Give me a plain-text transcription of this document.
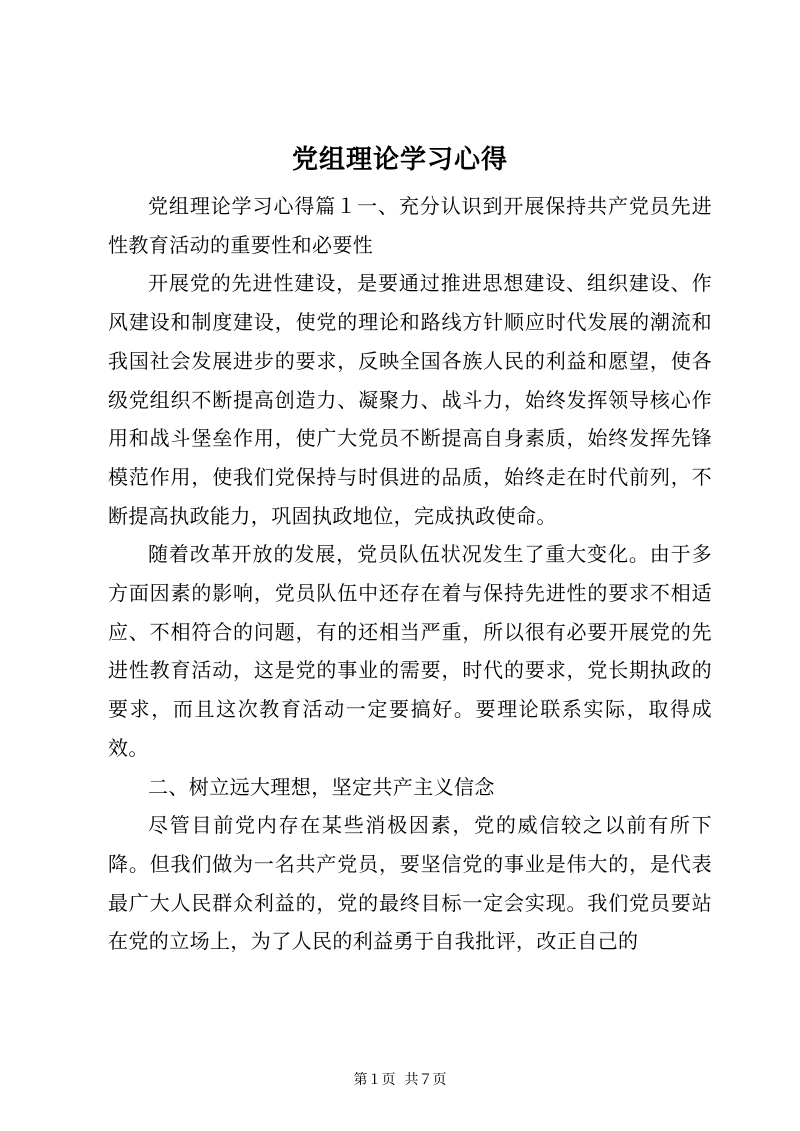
党组理论学习心得

党组理论学习心得篇１一、充分认识到开展保持共产党员先进性教育活动的重要性和必要性

开展党的先进性建设，是要通过推进思想建设、组织建设、作风建设和制度建设，使党的理论和路线方针顺应时代发展的潮流和我国社会发展进步的要求，反映全国各族人民的利益和愿望，使各级党组织不断提高创造力、凝聚力、战斗力，始终发挥领导核心作用和战斗堡垒作用，使广大党员不断提高自身素质，始终发挥先锋模范作用，使我们党保持与时俱进的品质，始终走在时代前列，不断提高执政能力，巩固执政地位，完成执政使命。

随着改革开放的发展，党员队伍状况发生了重大变化。由于多方面因素的影响，党员队伍中还存在着与保持先进性的要求不相适应、不相符合的问题，有的还相当严重，所以很有必要开展党的先进性教育活动，这是党的事业的需要，时代的要求，党长期执政的要求，而且这次教育活动一定要搞好。要理论联系实际，取得成效。

二、树立远大理想，坚定共产主义信念

尽管目前党内存在某些消极因素，党的威信较之以前有所下降。但我们做为一名共产党员，要坚信党的事业是伟大的，是代表最广大人民群众利益的，党的最终目标一定会实现。我们党员要站在党的立场上，为了人民的利益勇于自我批评，改正自己的

第１页 共７页
